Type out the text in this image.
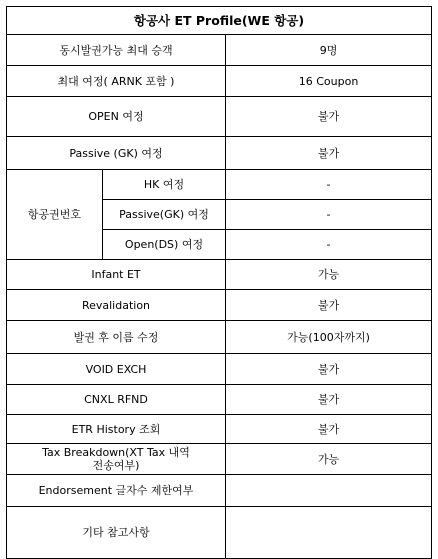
항공사 ET Profile(WE 항공)		
동시발권가능 최대 승객		9명
최대 여정( ARNK 포함 )		16 Coupon
OPEN 여정		불가
Passive (GK) 여정		불가
항공권번호	HK 여정	-
	Passive(GK) 여정	-
	Open(DS) 여정	-
Infant ET		가능
Revalidation		불가
발권 후 이름 수정		가능(100자까지)
VOID EXCH		불가
CNXL RFND		불가
ETR History 조회		불가
Tax Breakdown(XT Tax 내역
전송여부)		가능
Endorsement 글자수 제한여부		
기타 참고사항		
